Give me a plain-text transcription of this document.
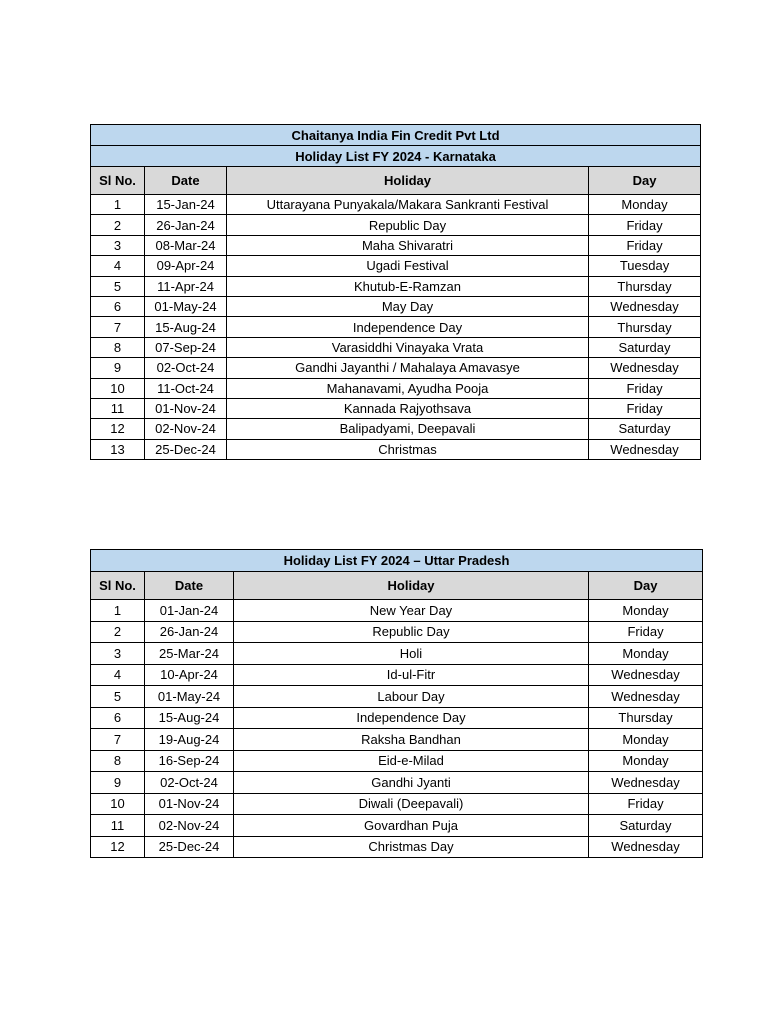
Chaitanya India Fin Credit Pvt Ltd			
Holiday List FY 2024 - Karnataka			
Sl No.	Date	Holiday	Day
1	15-Jan-24	Uttarayana Punyakala/Makara Sankranti Festival	Monday
2	26-Jan-24	Republic Day	Friday
3	08-Mar-24	Maha Shivaratri	Friday
4	09-Apr-24	Ugadi Festival	Tuesday
5	11-Apr-24	Khutub-E-Ramzan	Thursday
6	01-May-24	May Day	Wednesday
7	15-Aug-24	Independence Day	Thursday
8	07-Sep-24	Varasiddhi Vinayaka Vrata	Saturday
9	02-Oct-24	Gandhi Jayanthi / Mahalaya Amavasye	Wednesday
10	11-Oct-24	Mahanavami, Ayudha Pooja	Friday
11	01-Nov-24	Kannada Rajyothsava	Friday
12	02-Nov-24	Balipadyami, Deepavali	Saturday
13	25-Dec-24	Christmas	Wednesday
Holiday List FY 2024 – Uttar Pradesh			
Sl No.	Date	Holiday	Day
1	01-Jan-24	New Year Day	Monday
2	26-Jan-24	Republic Day	Friday
3	25-Mar-24	Holi	Monday
4	10-Apr-24	Id-ul-Fitr	Wednesday
5	01-May-24	Labour Day	Wednesday
6	15-Aug-24	Independence Day	Thursday
7	19-Aug-24	Raksha Bandhan	Monday
8	16-Sep-24	Eid-e-Milad	Monday
9	02-Oct-24	Gandhi Jyanti	Wednesday
10	01-Nov-24	Diwali (Deepavali)	Friday
11	02-Nov-24	Govardhan Puja	Saturday
12	25-Dec-24	Christmas Day	Wednesday
